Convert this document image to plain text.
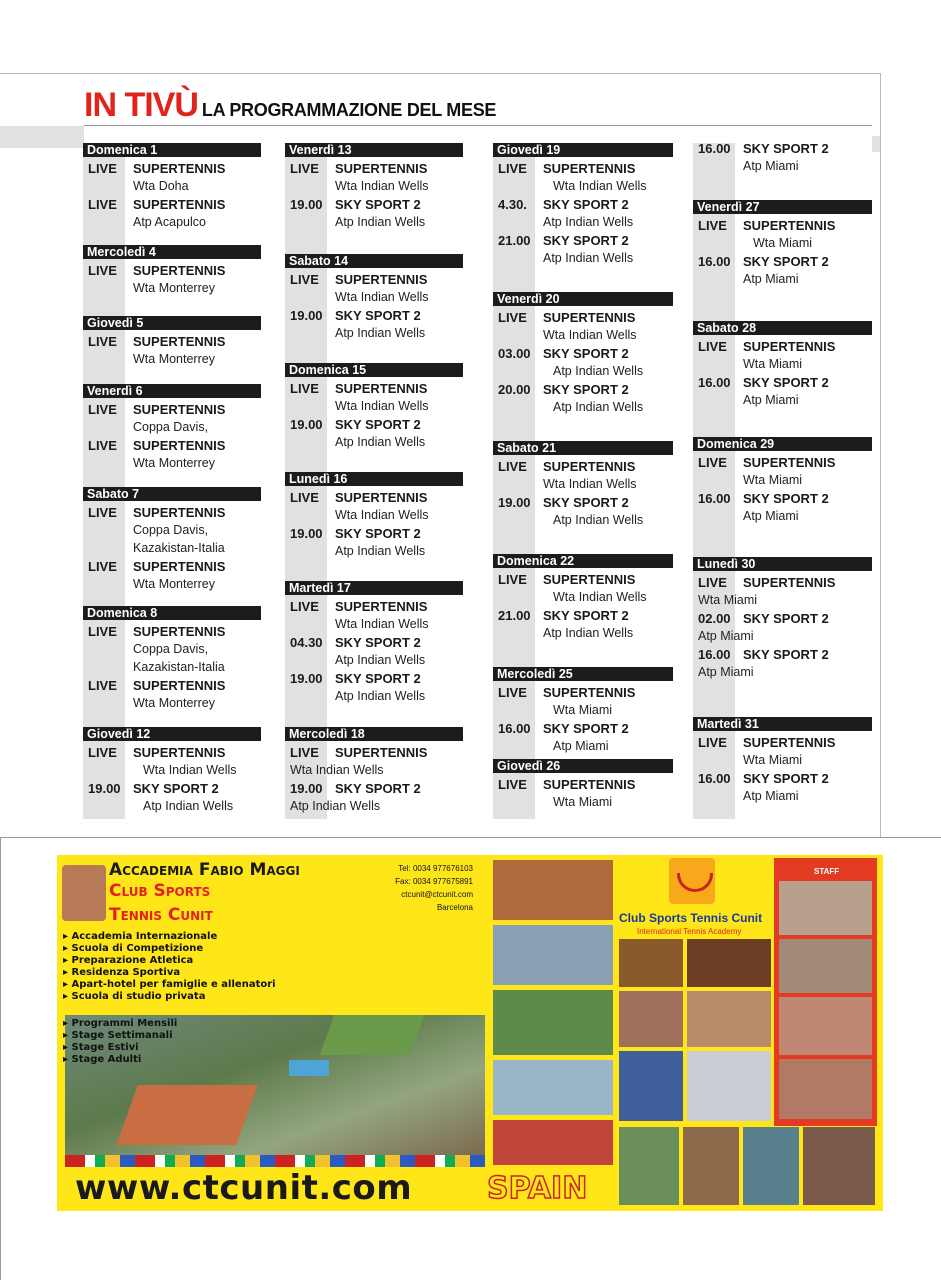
IN TIVÙ LA PROGRAMMAZIONE DEL MESE
Domenica 1
LIVE SUPERTENNIS
Wta Doha
LIVE SUPERTENNIS
Atp Acapulco
Mercoledì 4
LIVE SUPERTENNIS
Wta Monterrey
Giovedì 5
LIVE SUPERTENNIS
Wta Monterrey
Venerdì 6
LIVE SUPERTENNIS
Coppa Davis,
LIVE SUPERTENNIS
Wta Monterrey
Sabato 7
LIVE SUPERTENNIS
Coppa Davis,
Kazakistan-Italia
LIVE SUPERTENNIS
Wta Monterrey
Domenica 8
LIVE SUPERTENNIS
Coppa Davis,
Kazakistan-Italia
LIVE SUPERTENNIS
Wta Monterrey
Giovedì 12
LIVE SUPERTENNIS
Wta Indian Wells
19.00 SKY SPORT 2
Atp Indian Wells
Venerdì 13
LIVE SUPERTENNIS
Wta Indian Wells
19.00 SKY SPORT 2
Atp Indian Wells
Sabato 14
LIVE SUPERTENNIS
Wta Indian Wells
19.00 SKY SPORT 2
Atp Indian Wells
Domenica 15
LIVE SUPERTENNIS
Wta Indian Wells
19.00 SKY SPORT 2
Atp Indian Wells
Lunedì 16
LIVE SUPERTENNIS
Wta Indian Wells
19.00 SKY SPORT 2
Atp Indian Wells
Martedì 17
LIVE SUPERTENNIS
Wta Indian Wells
04.30 SKY SPORT 2
Atp Indian Wells
19.00 SKY SPORT 2
Atp Indian Wells
Mercoledì 18
LIVE SUPERTENNIS
Wta Indian Wells
19.00 SKY SPORT 2
Atp Indian Wells
Giovedì 19
LIVE SUPERTENNIS
Wta Indian Wells
4.30. SKY SPORT 2
Atp Indian Wells
21.00 SKY SPORT 2
Atp Indian Wells
Venerdì 20
LIVE SUPERTENNIS
Wta Indian Wells
03.00 SKY SPORT 2
Atp Indian Wells
20.00 SKY SPORT 2
Atp Indian Wells
Sabato 21
LIVE SUPERTENNIS
Wta Indian Wells
19.00 SKY SPORT 2
Atp Indian Wells
Domenica 22
LIVE SUPERTENNIS
Wta Indian Wells
21.00 SKY SPORT 2
Atp Indian Wells
Mercoledì 25
LIVE SUPERTENNIS
Wta Miami
16.00 SKY SPORT 2
Atp Miami
Giovedì 26
LIVE SUPERTENNIS
Wta Miami
16.00 SKY SPORT 2
Atp Miami
Venerdì 27
LIVE SUPERTENNIS
Wta Miami
16.00 SKY SPORT 2
Atp Miami
Sabato 28
LIVE SUPERTENNIS
Wta Miami
16.00 SKY SPORT 2
Atp Miami
Domenica 29
LIVE SUPERTENNIS
Wta Miami
16.00 SKY SPORT 2
Atp Miami
Lunedì 30
LIVE SUPERTENNIS
Wta Miami
02.00 SKY SPORT 2
Atp Miami
16.00 SKY SPORT 2
Atp Miami
Martedì 31
LIVE SUPERTENNIS
Wta Miami
16.00 SKY SPORT 2
Atp Miami
Accademia Fabio Maggi
Club Sports
Tennis Cunit
Tel: 0034 977676103
Fax: 0034 977675891
ctcunit@ctcunit.com
Barcelona
▸ Accademia Internazionale
▸ Scuola di Competizione
▸ Preparazione Atletica
▸ Residenza Sportiva
▸ Apart-hotel per famiglie e allenatori
▸ Scuola di studio privata
▸ Programmi Mensili
▸ Stage Settimanali
▸ Stage Estivi
▸ Stage Adulti
www.ctcunit.com SPAIN
Club Sports Tennis Cunit
International Tennis Academy
STAFF
